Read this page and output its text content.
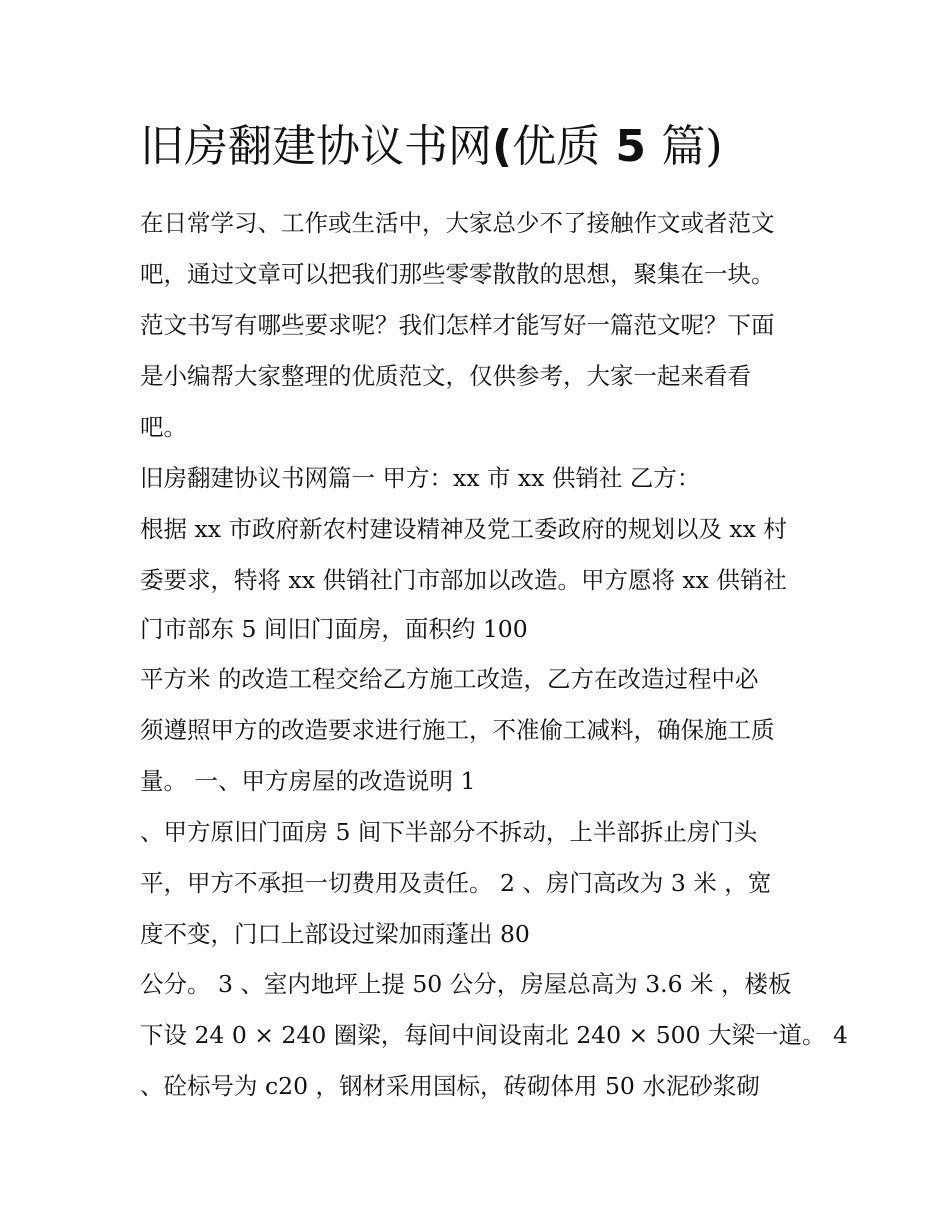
旧房翻建协议书网(优质 5 篇)

在日常学习、工作或生活中，大家总少不了接触作文或者范文

吧，通过文章可以把我们那些零零散散的思想，聚集在一块。

范文书写有哪些要求呢？我们怎样才能写好一篇范文呢？下面

是小编帮大家整理的优质范文，仅供参考，大家一起来看看

吧。

旧房翻建协议书网篇一 甲方：xx 市 xx 供销社 乙方：

根据 xx 市政府新农村建设精神及党工委政府的规划以及 xx 村

委要求，特将 xx 供销社门市部加以改造。甲方愿将 xx 供销社

门市部东 5 间旧门面房，面积约 100

平方米 的改造工程交给乙方施工改造，乙方在改造过程中必

须遵照甲方的改造要求进行施工，不准偷工减料，确保施工质

量。 一、甲方房屋的改造说明 1

、甲方原旧门面房 5 间下半部分不拆动，上半部拆止房门头

平，甲方不承担一切费用及责任。 2 、房门高改为 3 米 ，宽

度不变，门口上部设过梁加雨蓬出 80

公分。 3 、室内地坪上提 50 公分，房屋总高为 3.6 米 ，楼板

下设 24 0 × 240 圈梁，每间中间设南北 240 × 500 大梁一道。 4

、砼标号为 c20 ，钢材采用国标，砖砌体用 50 水泥砂浆砌
